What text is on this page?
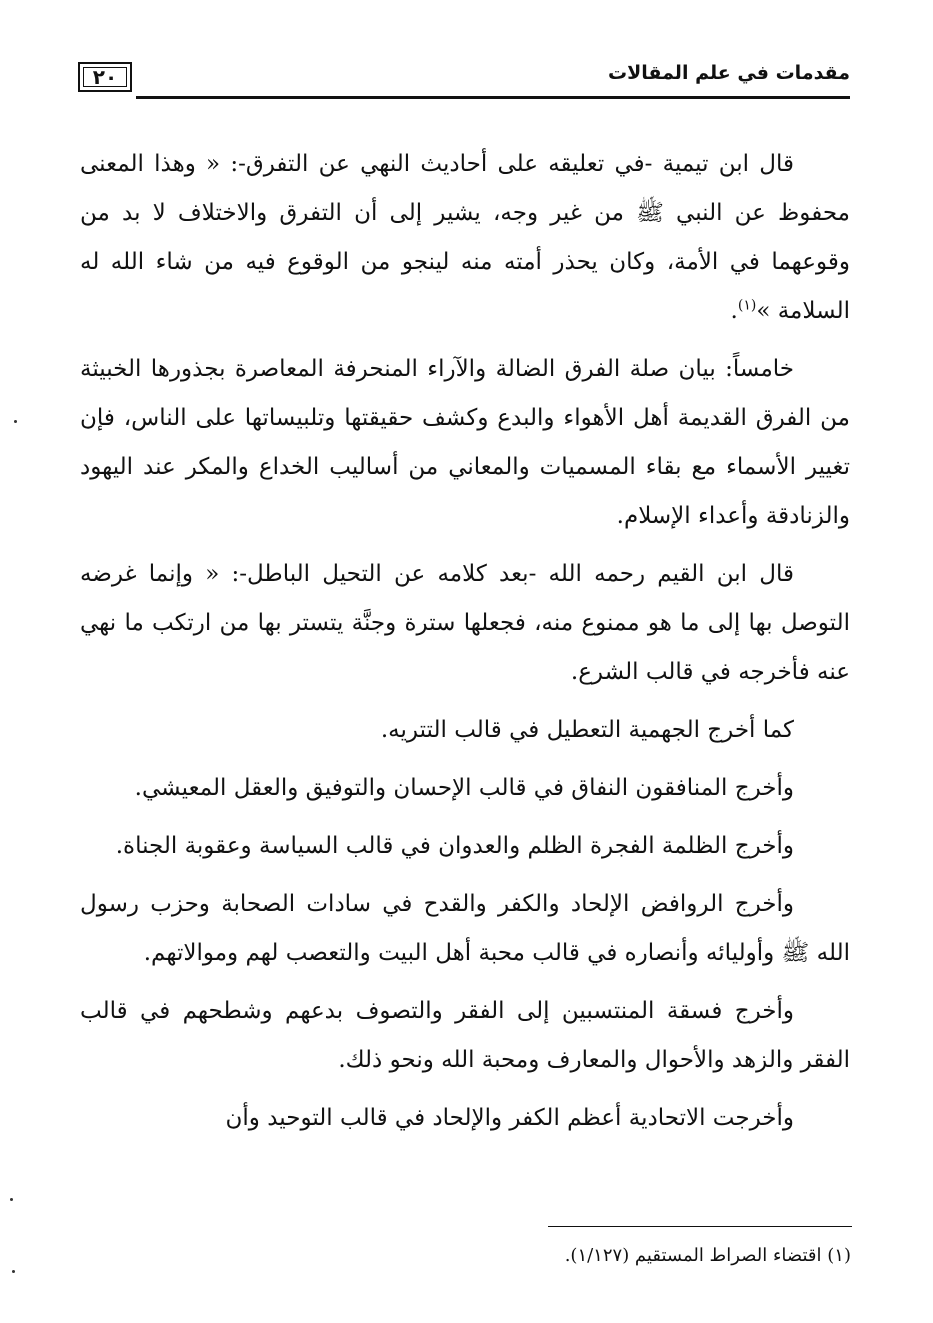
٢٠	مقدمات في علم المقالات

قال ابن تيمية -في تعليقه على أحاديث النهي عن التفرق-: « وهذا المعنى محفوظ عن النبي ﷺ من غير وجه، يشير إلى أن التفرق والاختلاف لا بد من وقوعهما في الأمة، وكان يحذر أمته منه لينجو من الوقوع فيه من شاء الله له السلامة »$^{(١)}$.

خامساً: بيان صلة الفرق الضالة والآراء المنحرفة المعاصرة بجذورها الخبيثة من الفرق القديمة أهل الأهواء والبدع وكشف حقيقتها وتلبيساتها على الناس، فإن تغيير الأسماء مع بقاء المسميات والمعاني من أساليب الخداع والمكر عند اليهود والزنادقة وأعداء الإسلام.

قال ابن القيم رحمه الله -بعد كلامه عن التحيل الباطل-: « وإنما غرضه التوصل بها إلى ما هو ممنوع منه، فجعلها سترة وجنَّة يتستر بها من ارتكب ما نهي عنه فأخرجه في قالب الشرع.

كما أخرج الجهمية التعطيل في قالب التتريه.

وأخرج المنافقون النفاق في قالب الإحسان والتوفيق والعقل المعيشي.

وأخرج الظلمة الفجرة الظلم والعدوان في قالب السياسة وعقوبة الجناة.

وأخرج الروافض الإلحاد والكفر والقدح في سادات الصحابة وحزب رسول الله ﷺ وأوليائه وأنصاره في قالب محبة أهل البيت والتعصب لهم وموالاتهم.

وأخرج فسقة المنتسبين إلى الفقر والتصوف بدعهم وشطحهم في قالب الفقر والزهد والأحوال والمعارف ومحبة الله ونحو ذلك.

وأخرجت الاتحادية أعظم الكفر والإلحاد في قالب التوحيد وأن

(١) اقتضاء الصراط المستقيم (١/١٢٧).
